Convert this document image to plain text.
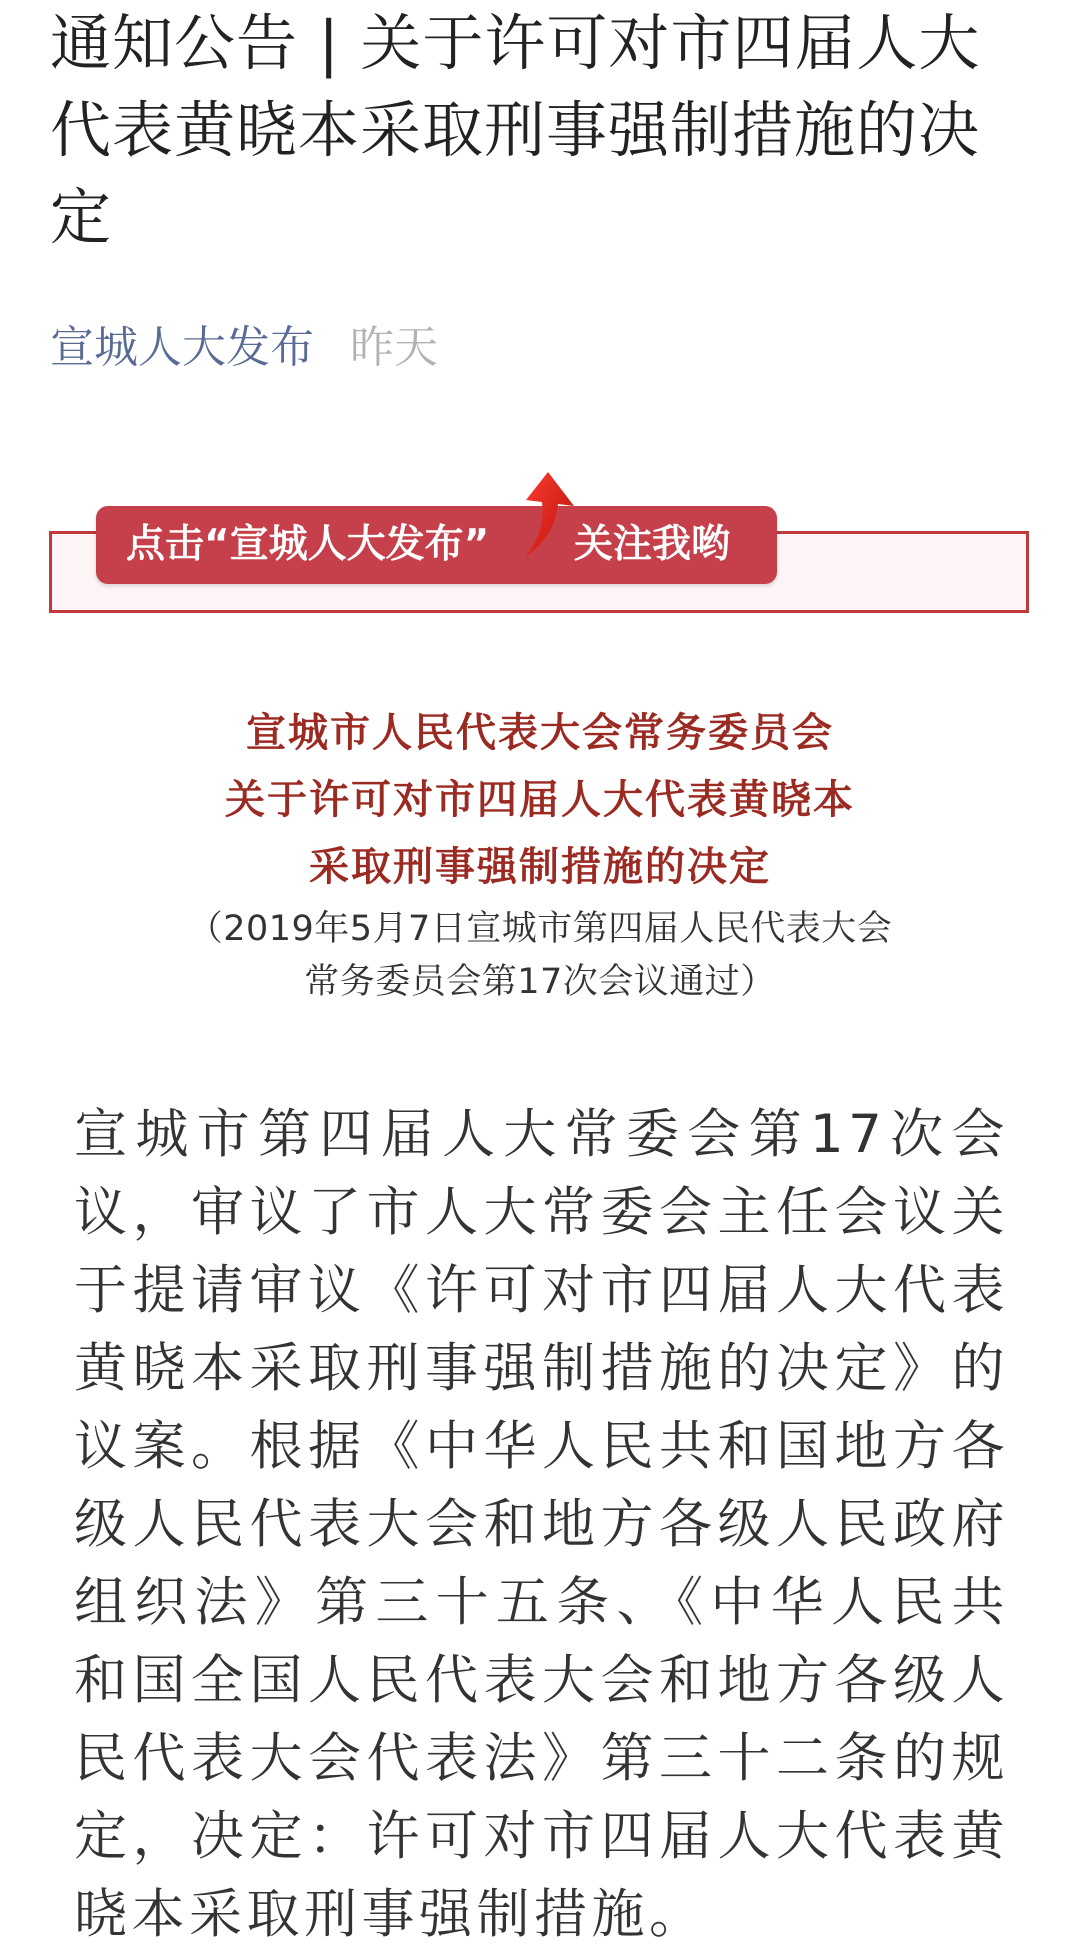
通知公告 | 关于许可对市四届人大代表黄晓本采取刑事强制措施的决定
宣城人大发布 昨天
点击“宣城人大发布” 关注我哟
宣城市人民代表大会常务委员会
关于许可对市四届人大代表黄晓本
采取刑事强制措施的决定
（2019年5月7日宣城市第四届人民代表大会
常务委员会第17次会议通过）

宣城市第四届人大常委会第17次会议，审议了市人大常委会主任会议关于提请审议《许可对市四届人大代表黄晓本采取刑事强制措施的决定》的议案。根据《中华人民共和国地方各级人民代表大会和地方各级人民政府组织法》第三十五条、《中华人民共和国全国人民代表大会和地方各级人民代表大会代表法》第三十二条的规定，决定：许可对市四届人大代表黄晓本采取刑事强制措施。
